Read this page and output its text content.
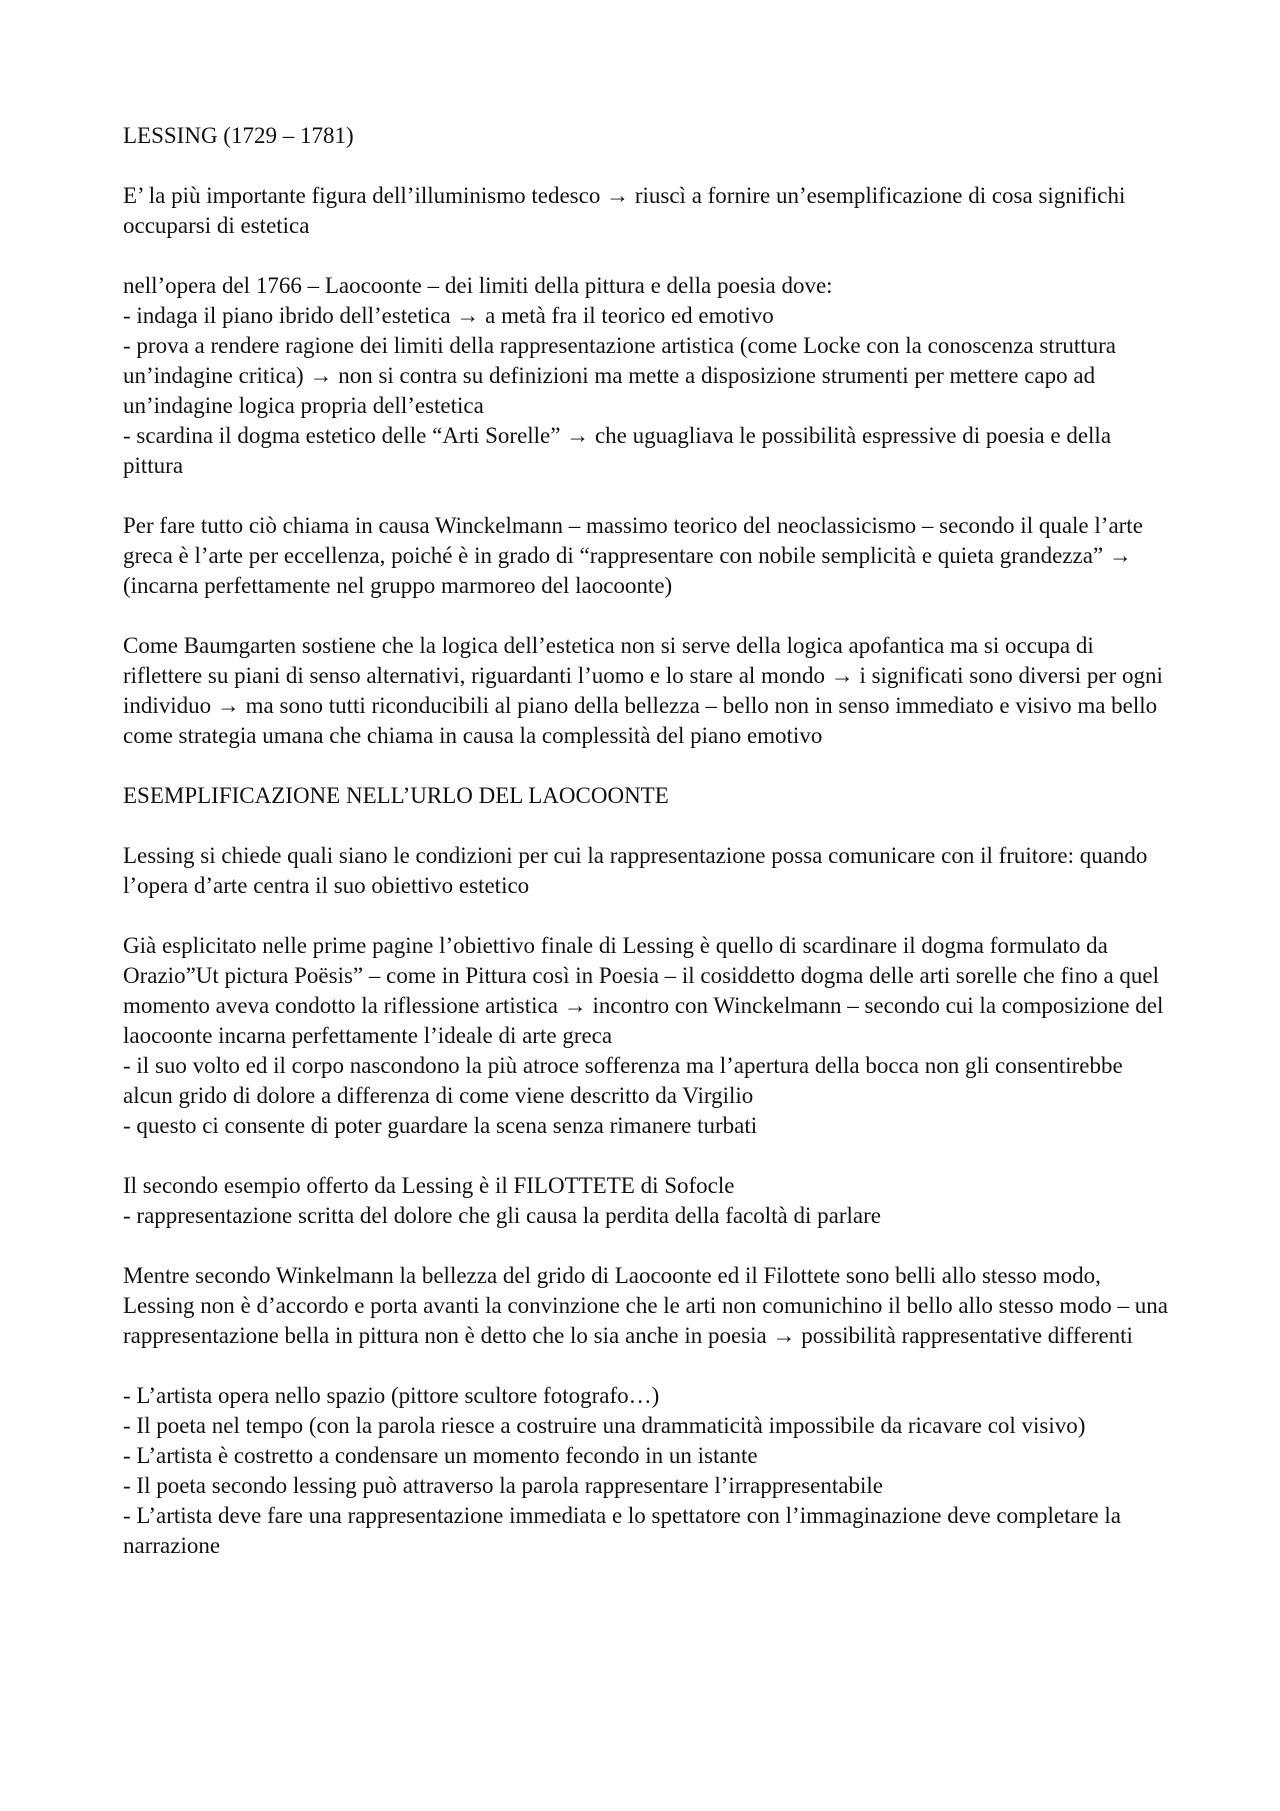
LESSING (1729 – 1781)
E’ la più importante figura dell’illuminismo tedesco → riuscì a fornire un’esemplificazione di cosa significhi occuparsi di estetica
nell’opera del 1766 – Laocoonte – dei limiti della pittura e della poesia dove:
- indaga il piano ibrido dell’estetica → a metà fra il teorico ed emotivo
- prova a rendere ragione dei limiti della rappresentazione artistica (come Locke con la conoscenza struttura un’indagine critica) → non si contra su definizioni ma mette a disposizione strumenti per mettere capo ad un’indagine logica propria dell’estetica
- scardina il dogma estetico delle “Arti Sorelle” → che uguagliava le possibilità espressive di poesia e della pittura
Per fare tutto ciò chiama in causa Winckelmann – massimo teorico del neoclassicismo – secondo il quale l’arte greca è l’arte per eccellenza, poiché è in grado di “rappresentare con nobile semplicità e quieta grandezza” → (incarna perfettamente nel gruppo marmoreo del laocoonte)
Come Baumgarten sostiene che la logica dell’estetica non si serve della logica apofantica ma si occupa di riflettere su piani di senso alternativi, riguardanti l’uomo e lo stare al mondo → i significati sono diversi per ogni individuo → ma sono tutti riconducibili al piano della bellezza – bello non in senso immediato e visivo ma bello come strategia umana che chiama in causa la complessità del piano emotivo
ESEMPLIFICAZIONE NELL’URLO DEL LAOCOONTE
Lessing si chiede quali siano le condizioni per cui la rappresentazione possa comunicare con il fruitore: quando l’opera d’arte centra il suo obiettivo estetico
Già esplicitato nelle prime pagine l’obiettivo finale di Lessing è quello di scardinare il dogma formulato da Orazio”Ut pictura Poësis” – come in Pittura così in Poesia – il cosiddetto dogma delle arti sorelle che fino a quel momento aveva condotto la riflessione artistica → incontro con Winckelmann – secondo cui la composizione del laocoonte incarna perfettamente l’ideale di arte greca
- il suo volto ed il corpo nascondono la più atroce sofferenza ma l’apertura della bocca non gli consentirebbe alcun grido di dolore a differenza di come viene descritto da Virgilio
- questo ci consente di poter guardare la scena senza rimanere turbati
Il secondo esempio offerto da Lessing è il FILOTTETE di Sofocle
- rappresentazione scritta del dolore che gli causa la perdita della facoltà di parlare
Mentre secondo Winkelmann la bellezza del grido di Laocoonte ed il Filottete sono belli allo stesso modo, Lessing non è d’accordo e porta avanti la convinzione che le arti non comunichino il bello allo stesso modo – una rappresentazione bella in pittura non è detto che lo sia anche in poesia → possibilità rappresentative differenti
- L’artista opera nello spazio (pittore scultore fotografo…)
- Il poeta nel tempo (con la parola riesce a costruire una drammaticità impossibile da ricavare col visivo)
- L’artista è costretto a condensare un momento fecondo in un istante
- Il poeta secondo lessing può attraverso la parola rappresentare l’irrappresentabile
- L’artista deve fare una rappresentazione immediata e lo spettatore con l’immaginazione deve completare la narrazione
